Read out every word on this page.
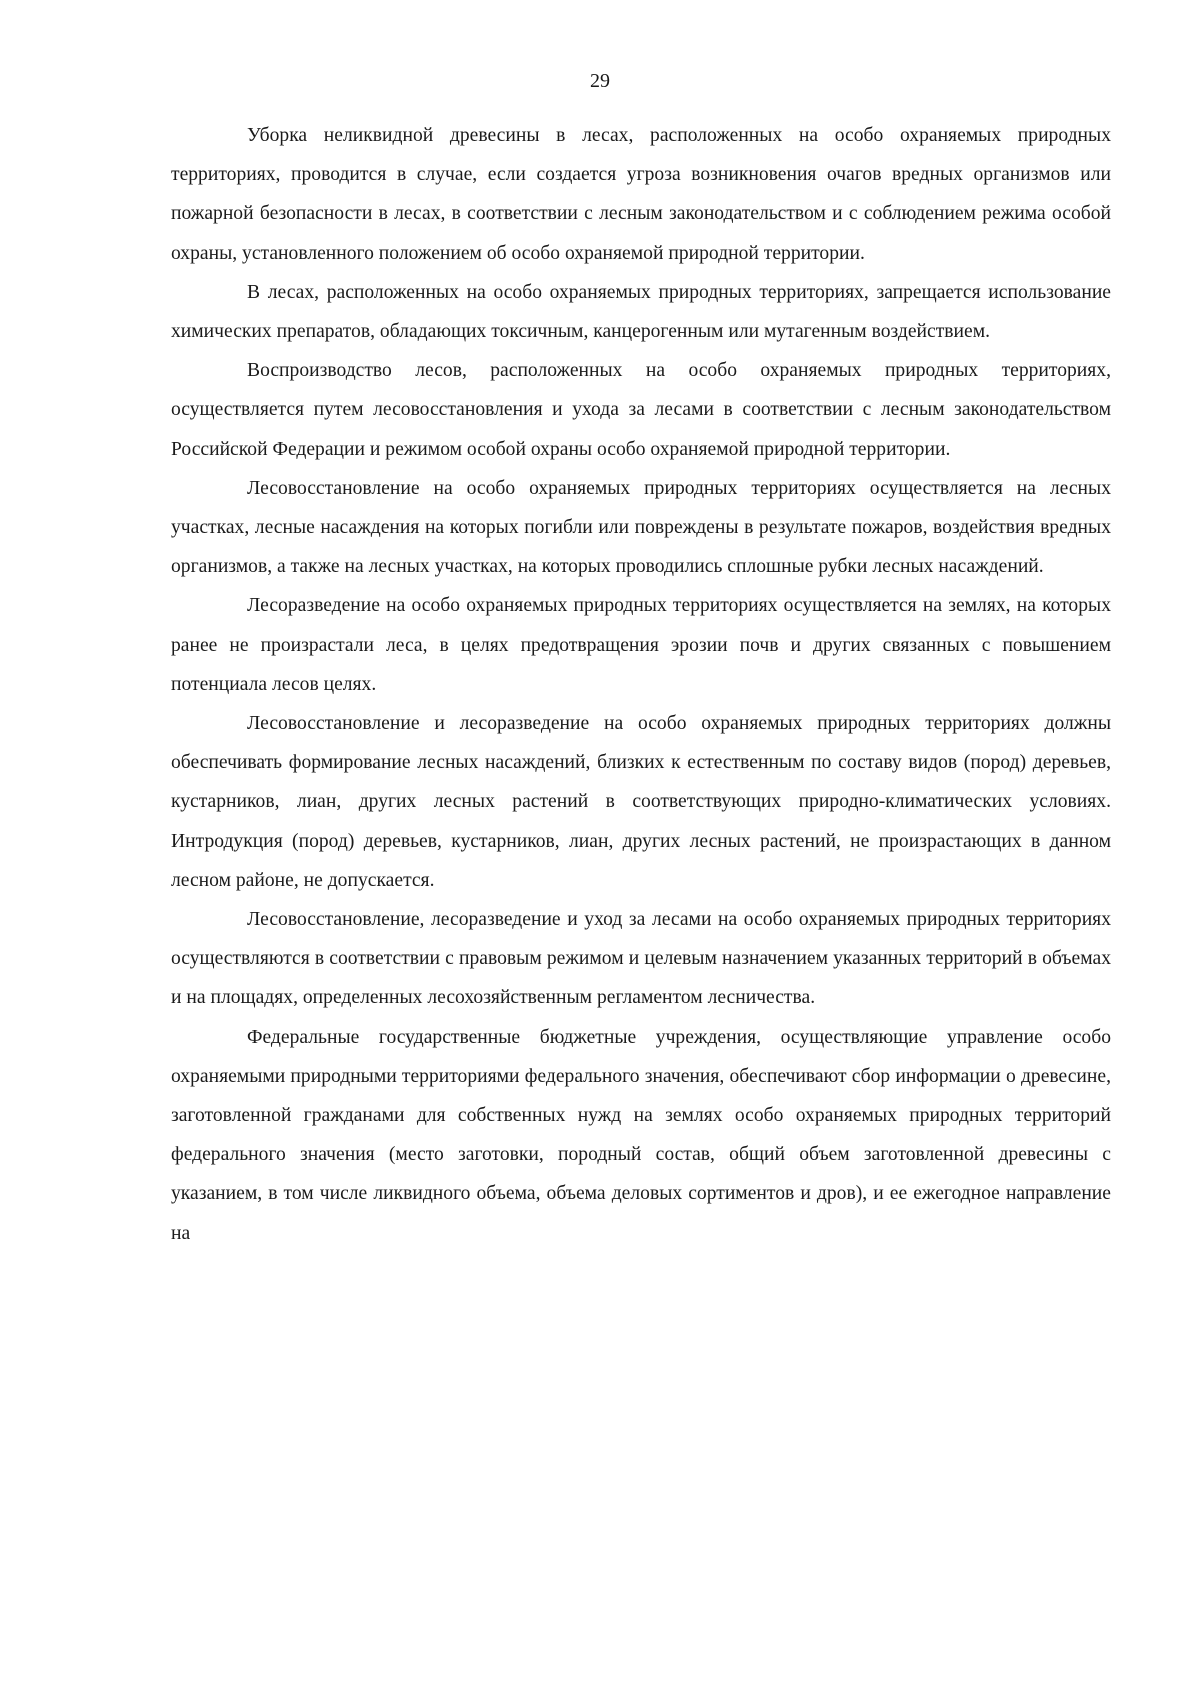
29

Уборка неликвидной древесины в лесах, расположенных на особо охраняемых природных территориях, проводится в случае, если создается угроза возникновения очагов вредных организмов или пожарной безопасности в лесах, в соответствии с лесным законодательством и с соблюдением режима особой охраны, установленного положением об особо охраняемой природной территории.

В лесах, расположенных на особо охраняемых природных территориях, запрещается использование химических препаратов, обладающих токсичным, канцерогенным или мутагенным воздействием.

Воспроизводство лесов, расположенных на особо охраняемых природных территориях, осуществляется путем лесовосстановления и ухода за лесами в соответствии с лесным законодательством Российской Федерации и режимом особой охраны особо охраняемой природной территории.

Лесовосстановление на особо охраняемых природных территориях осуществляется на лесных участках, лесные насаждения на которых погибли или повреждены в результате пожаров, воздействия вредных организмов, а также на лесных участках, на которых проводились сплошные рубки лесных насаждений.

Лесоразведение на особо охраняемых природных территориях осуществляется на землях, на которых ранее не произрастали леса, в целях предотвращения эрозии почв и других связанных с повышением потенциала лесов целях.

Лесовосстановление и лесоразведение на особо охраняемых природных территориях должны обеспечивать формирование лесных насаждений, близких к естественным по составу видов (пород) деревьев, кустарников, лиан, других лесных растений в соответствующих природно-климатических условиях. Интродукция (пород) деревьев, кустарников, лиан, других лесных растений, не произрастающих в данном лесном районе, не допускается.

Лесовосстановление, лесоразведение и уход за лесами на особо охраняемых природных территориях осуществляются в соответствии с правовым режимом и целевым назначением указанных территорий в объемах и на площадях, определенных лесохозяйственным регламентом лесничества.

Федеральные государственные бюджетные учреждения, осуществляющие управление особо охраняемыми природными территориями федерального значения, обеспечивают сбор информации о древесине, заготовленной гражданами для собственных нужд на землях особо охраняемых природных территорий федерального значения (место заготовки, породный состав, общий объем заготовленной древесины с указанием, в том числе ликвидного объема, объема деловых сортиментов и дров), и ее ежегодное направление на
